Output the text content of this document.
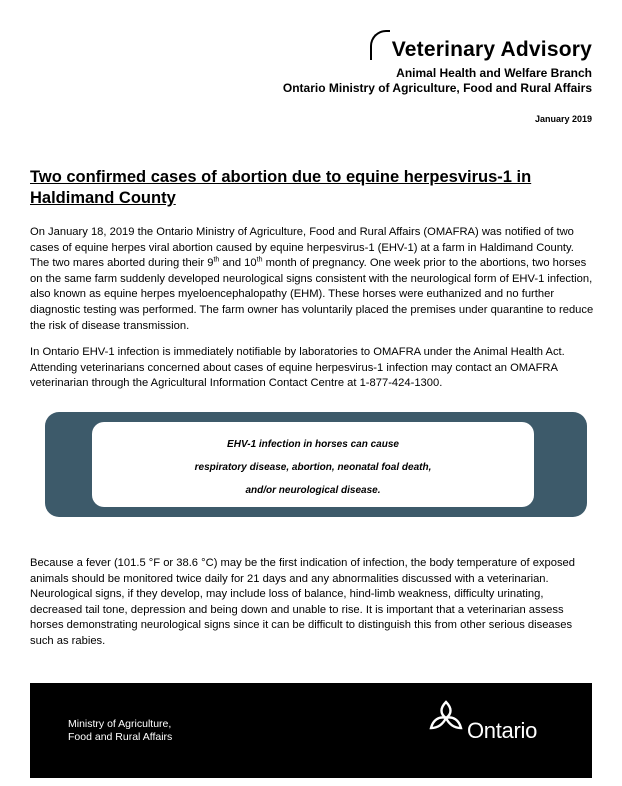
Veterinary Advisory
Animal Health and Welfare Branch
Ontario Ministry of Agriculture, Food and Rural Affairs
January 2019
Two confirmed cases of abortion due to equine herpesvirus-1 in Haldimand County
On January 18, 2019 the Ontario Ministry of Agriculture, Food and Rural Affairs (OMAFRA) was notified of two cases of equine herpes viral abortion caused by equine herpesvirus-1 (EHV-1) at a farm in Haldimand County. The two mares aborted during their 9th and 10th month of pregnancy. One week prior to the abortions, two horses on the same farm suddenly developed neurological signs consistent with the neurological form of EHV-1 infection, also known as equine herpes myeloencephalopathy (EHM). These horses were euthanized and no further diagnostic testing was performed. The farm owner has voluntarily placed the premises under quarantine to reduce the risk of disease transmission.
In Ontario EHV-1 infection is immediately notifiable by laboratories to OMAFRA under the Animal Health Act. Attending veterinarians concerned about cases of equine herpesvirus-1 infection may contact an OMAFRA veterinarian through the Agricultural Information Contact Centre at 1-877-424-1300.
EHV-1 infection in horses can cause
respiratory disease, abortion, neonatal foal death,
and/or neurological disease.
Because a fever (101.5 °F or 38.6 °C) may be the first indication of infection, the body temperature of exposed animals should be monitored twice daily for 21 days and any abnormalities discussed with a veterinarian. Neurological signs, if they develop, may include loss of balance, hind-limb weakness, difficulty urinating, decreased tail tone, depression and being down and unable to rise. It is important that a veterinarian assess horses demonstrating neurological signs since it can be difficult to distinguish this from other serious diseases such as rabies.
Ministry of Agriculture,
Food and Rural Affairs	Ontario
